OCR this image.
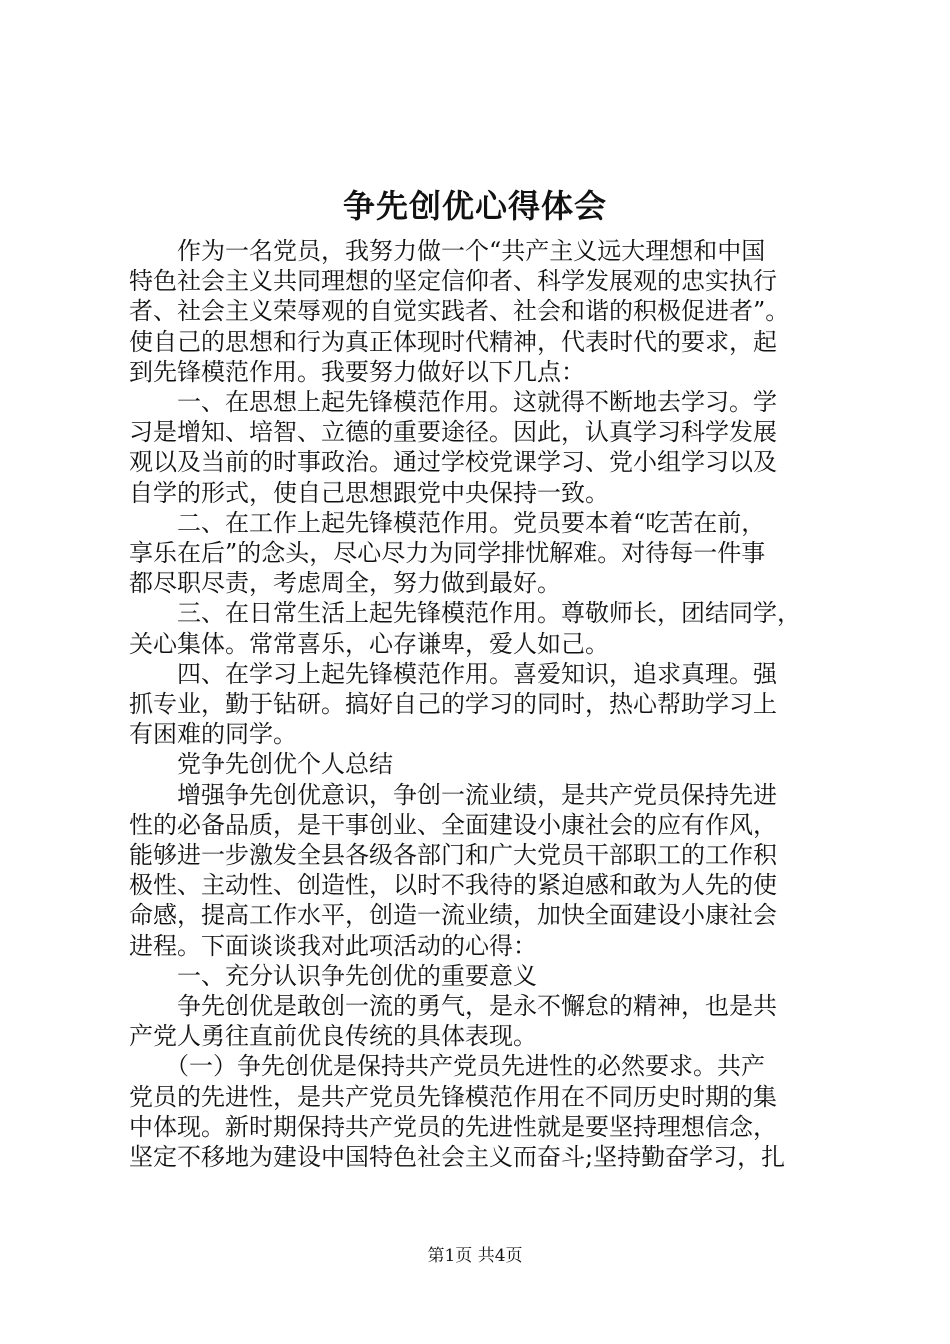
争先创优心得体会
　　作为一名党员，我努力做一个“共产主义远大理想和中国
特色社会主义共同理想的坚定信仰者、科学发展观的忠实执行
者、社会主义荣辱观的自觉实践者、社会和谐的积极促进者”。
使自己的思想和行为真正体现时代精神，代表时代的要求，起
到先锋模范作用。我要努力做好以下几点：
　　一、在思想上起先锋模范作用。这就得不断地去学习。学
习是增知、培智、立德的重要途径。因此，认真学习科学发展
观以及当前的时事政治。通过学校党课学习、党小组学习以及
自学的形式，使自己思想跟党中央保持一致。
　　二、在工作上起先锋模范作用。党员要本着“吃苦在前，
享乐在后”的念头，尽心尽力为同学排忧解难。对待每一件事
都尽职尽责，考虑周全，努力做到最好。
　　三、在日常生活上起先锋模范作用。尊敬师长，团结同学，
关心集体。常常喜乐，心存谦卑，爱人如己。
　　四、在学习上起先锋模范作用。喜爱知识，追求真理。强
抓专业，勤于钻研。搞好自己的学习的同时，热心帮助学习上
有困难的同学。
　　党争先创优个人总结
　　增强争先创优意识，争创一流业绩，是共产党员保持先进
性的必备品质，是干事创业、全面建设小康社会的应有作风，
能够进一步激发全县各级各部门和广大党员干部职工的工作积
极性、主动性、创造性，以时不我待的紧迫感和敢为人先的使
命感，提高工作水平，创造一流业绩，加快全面建设小康社会
进程。下面谈谈我对此项活动的心得：
　　一、充分认识争先创优的重要意义
　　争先创优是敢创一流的勇气，是永不懈怠的精神，也是共
产党人勇往直前优良传统的具体表现。
　　（一）争先创优是保持共产党员先进性的必然要求。共产
党员的先进性，是共产党员先锋模范作用在不同历史时期的集
中体现。新时期保持共产党员的先进性就是要坚持理想信念，
坚定不移地为建设中国特色社会主义而奋斗;坚持勤奋学习，扎
第1页 共4页
